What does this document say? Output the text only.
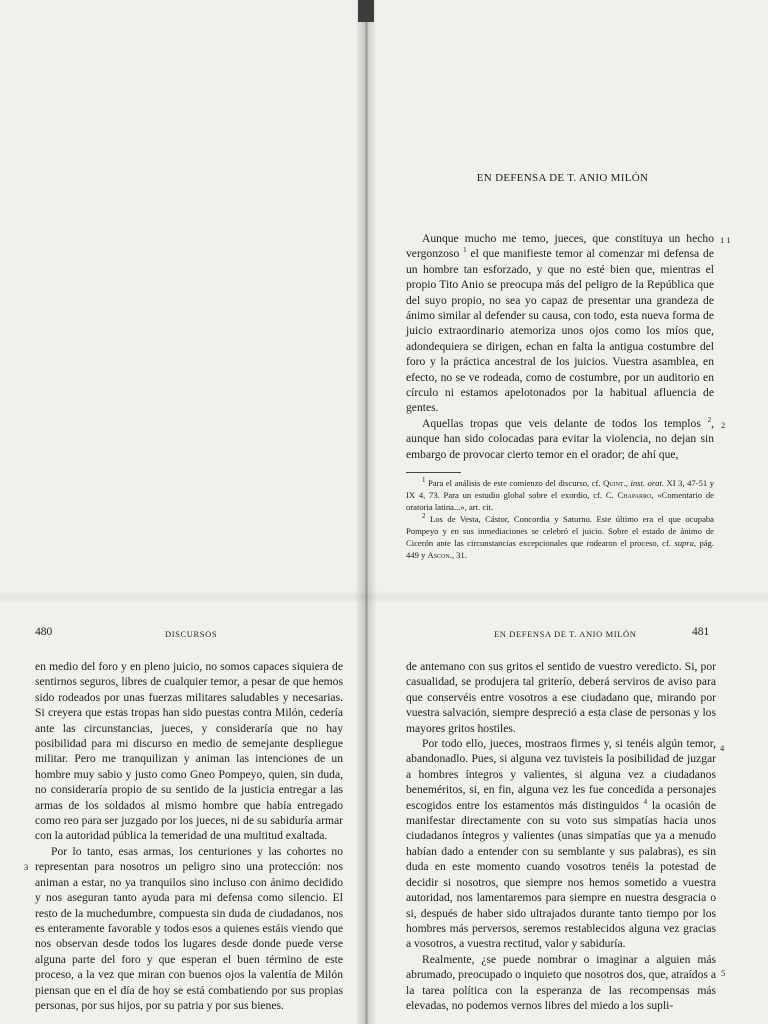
EN DEFENSA DE T. ANIO MILÓN

Aunque mucho me temo, jueces, que constituya un hecho vergonzoso $^1$ el que manifieste temor al comenzar mi defensa de un hombre tan esforzado, y que no esté bien que, mientras el propio Tito Anio se preocupa más del peligro de la República que del suyo propio, no sea yo capaz de presentar una grandeza de ánimo similar al defender su causa, con todo, esta nueva forma de juicio extraordinario atemoriza unos ojos como los míos que, adondequiera se dirigen, echan en falta la antigua costumbre del foro y la práctica ancestral de los juicios. Vuestra asamblea, en efecto, no se ve rodeada, como de costumbre, por un auditorio en círculo ni estamos apelotonados por la habitual afluencia de gentes.

Aquellas tropas que veis delante de todos los templos $^2$, aunque han sido colocadas para evitar la violencia, no dejan sin embargo de provocar cierto temor en el orador; de ahí que,

1 1
2

$^1$ Para el análisis de este comienzo del discurso, cf. Quint., inst. orat. XI 3, 47-51 y IX 4, 73. Para un estudio global sobre el exordio, cf. C. Chaparro, «Comentario de oratoria latina...», art. cit.

$^2$ Los de Vesta, Cástor, Concordia y Saturno. Este último era el que ocupaba Pompeyo y en sus inmediaciones se celebró el juicio. Sobre el estado de ánimo de Cicerón ante las circunstancias excepcionales que rodearon el proceso, cf. supra, pág. 449 y Ascon., 31.

480	DISCURSOS

en medio del foro y en pleno juicio, no somos capaces siquiera de sentirnos seguros, libres de cualquier temor, a pesar de que hemos sido rodeados por unas fuerzas militares saludables y necesarias. Si creyera que estas tropas han sido puestas contra Milón, cedería ante las circunstancias, jueces, y consideraría que no hay posibilidad para mi discurso en medio de semejante despliegue militar. Pero me tranquilizan y animan las intenciones de un hombre muy sabio y justo como Gneo Pompeyo, quien, sin duda, no consideraría propio de su sentido de la justicia entregar a las armas de los soldados al mismo hombre que había entregado como reo para ser juzgado por los jueces, ni de su sabiduría armar con la autoridad pública la temeridad de una multitud exaltada.

Por lo tanto, esas armas, los centuriones y las cohortes no representan para nosotros un peligro sino una protección: nos animan a estar, no ya tranquilos sino incluso con ánimo decidido y nos aseguran tanto ayuda para mi defensa como silencio. El resto de la muchedumbre, compuesta sin duda de ciudadanos, nos es enteramente favorable y todos esos a quienes estáis viendo que nos observan desde todos los lugares desde donde puede verse alguna parte del foro y que esperan el buen término de este proceso, a la vez que miran con buenos ojos la valentía de Milón piensan que en el día de hoy se está combatiendo por sus propias personas, por sus hijos, por su patria y por sus bienes.

3
EN DEFENSA DE T. ANIO MILÓN	481

de antemano con sus gritos el sentido de vuestro veredicto. Si, por casualidad, se produjera tal griterío, deberá serviros de aviso para que conservéis entre vosotros a ese ciudadano que, mirando por vuestra salvación, siempre despreció a esta clase de personas y los mayores gritos hostiles.

Por todo ello, jueces, mostraos firmes y, si tenéis algún temor, abandonadlo. Pues, si alguna vez tuvisteis la posibilidad de juzgar a hombres íntegros y valientes, si alguna vez a ciudadanos beneméritos, si, en fin, alguna vez les fue concedida a personajes escogidos entre los estamentos más distinguidos $^4$ la ocasión de manifestar directamente con su voto sus simpatías hacia unos ciudadanos íntegros y valientes (unas simpatías que ya a menudo habían dado a entender con su semblante y sus palabras), es sin duda en este momento cuando vosotros tenéis la potestad de decidir si nosotros, que siempre nos hemos sometido a vuestra autoridad, nos lamentaremos para siempre en nuestra desgracia o si, después de haber sido ultrajados durante tanto tiempo por los hombres más perversos, seremos restablecidos alguna vez gracias a vosotros, a vuestra rectitud, valor y sabiduría.

Realmente, ¿se puede nombrar o imaginar a alguien más abrumado, preocupado o inquieto que nosotros dos, que, atraídos a la tarea política con la esperanza de las recompensas más elevadas, no podemos vernos libres del miedo a los supli-

4
5
